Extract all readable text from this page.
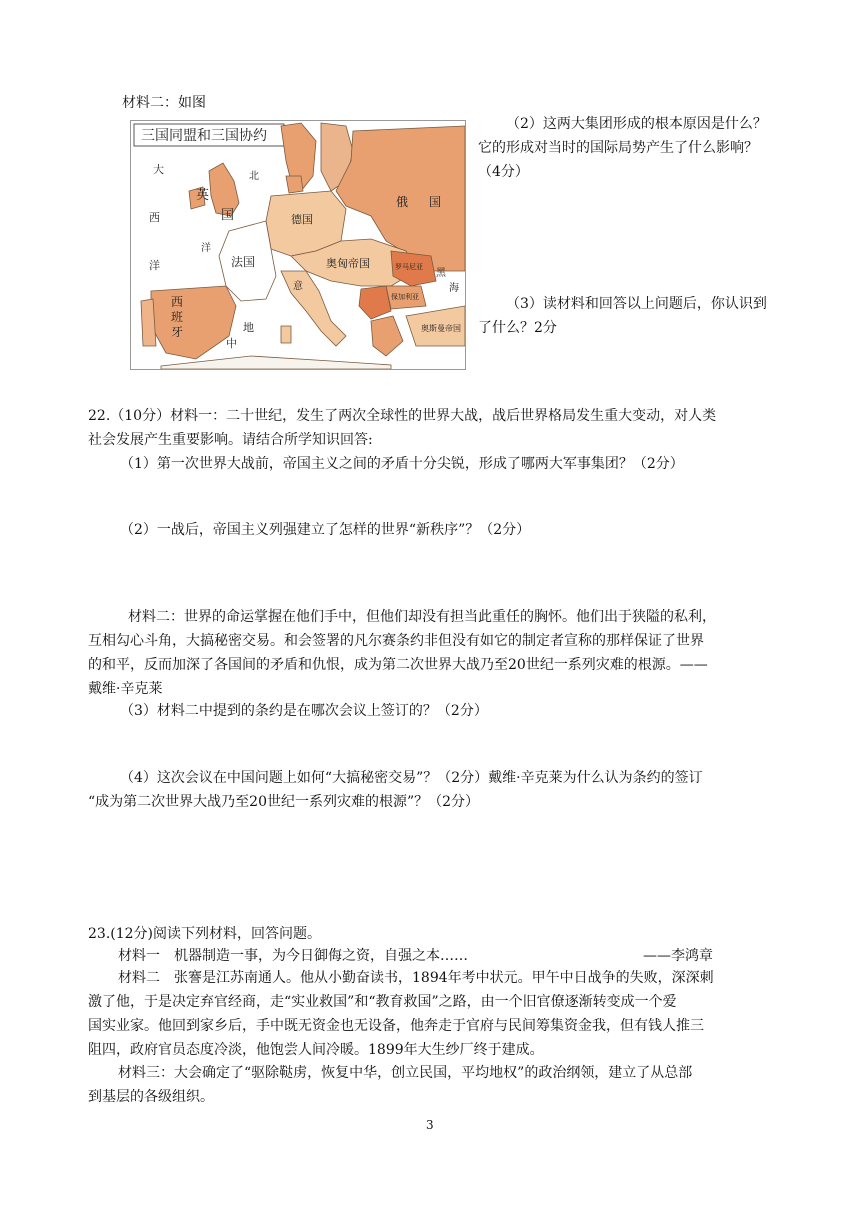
材料二：如图
三国同盟和三国协约
大
西
洋
英
国
法国
德国
俄 国
奥匈帝国
西
班
牙	地
中
意
北
洋
黑
海
罗马尼亚
保加利亚
奥斯曼帝国
（2）这两大集团形成的根本原因是什么？它的形成对当时的国际局势产生了什么影响？（4分）
（3）读材料和回答以上问题后，你认识到了什么？2分
22.（10分）材料一：二十世纪，发生了两次全球性的世界大战，战后世界格局发生重大变动，对人类
社会发展产生重要影响。请结合所学知识回答:
（1）第一次世界大战前，帝国主义之间的矛盾十分尖锐，形成了哪两大军事集团？（2分）
（2）一战后，帝国主义列强建立了怎样的世界“新秩序”？（2分）
材料二：世界的命运掌握在他们手中，但他们却没有担当此重任的胸怀。他们出于狭隘的私利，
互相勾心斗角，大搞秘密交易。和会签署的凡尔赛条约非但没有如它的制定者宣称的那样保证了世界
的和平，反而加深了各国间的矛盾和仇恨，成为第二次世界大战乃至20世纪一系列灾难的根源。——
戴维·辛克莱
（3）材料二中提到的条约是在哪次会议上签订的？（2分）
（4）这次会议在中国问题上如何“大搞秘密交易”？（2分）戴维·辛克莱为什么认为条约的签订
“成为第二次世界大战乃至20世纪一系列灾难的根源”？（2分）
23.(12分)阅读下列材料，回答问题。
材料一　机器制造一事，为今日御侮之资，自强之本……	——李鸿章
材料二　张謇是江苏南通人。他从小勤奋读书，1894年考中状元。甲午中日战争的失败，深深刺
激了他，于是决定弃官经商，走“实业救国”和“教育救国”之路，由一个旧官僚逐渐转变成一个爱
国实业家。他回到家乡后，手中既无资金也无设备，他奔走于官府与民间筹集资金我，但有钱人推三
阻四，政府官员态度冷淡，他饱尝人间冷暖。1899年大生纱厂终于建成。
材料三：大会确定了“驱除鞑虏，恢复中华，创立民国，平均地权”的政治纲领，建立了从总部
到基层的各级组织。
3
